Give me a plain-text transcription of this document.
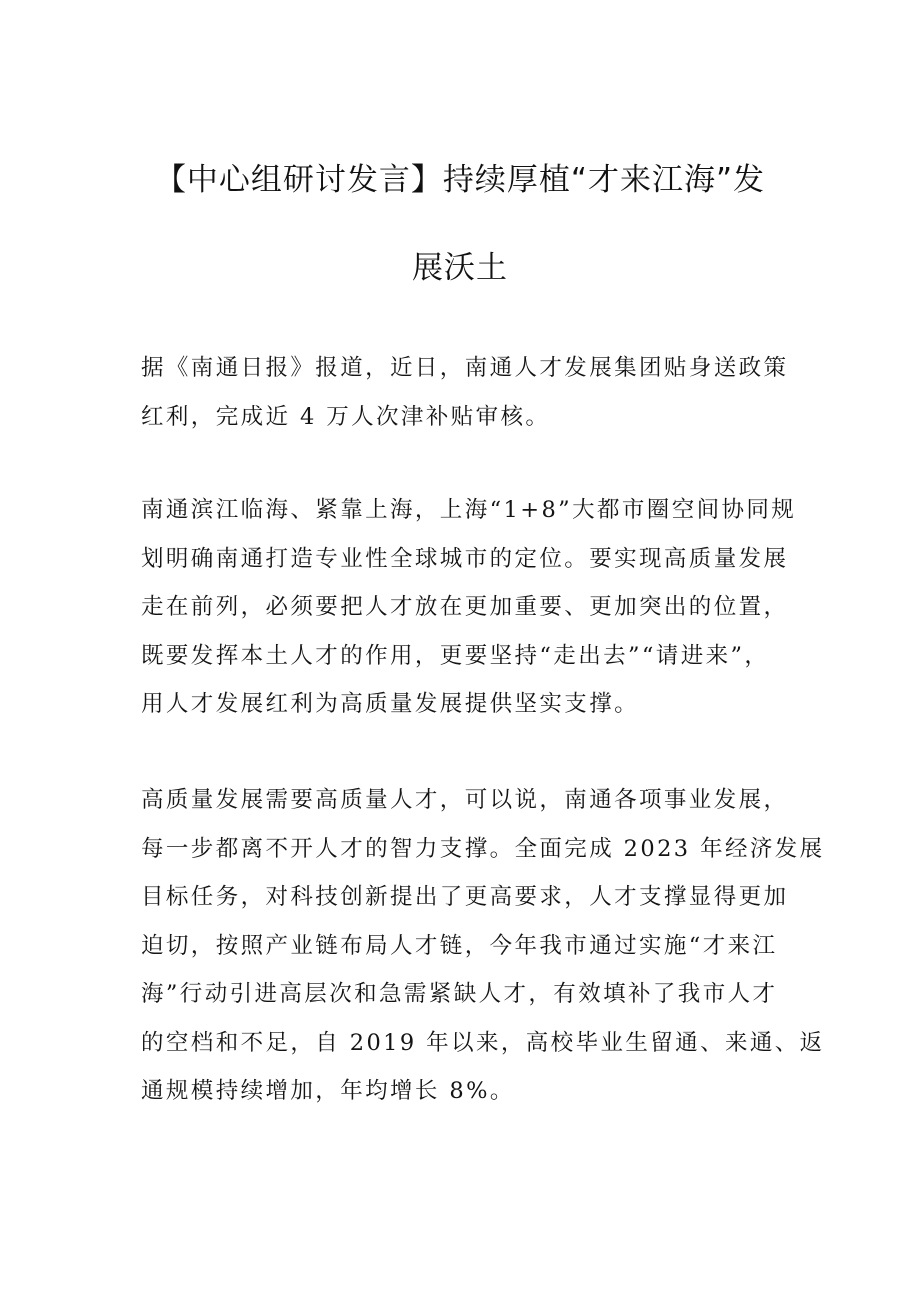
【中心组研讨发言】持续厚植“才来江海”发
展沃土
据《南通日报》报道，近日，南通人才发展集团贴身送政策
红利，完成近 4 万人次津补贴审核。
南通滨江临海、紧靠上海，上海“1+8”大都市圈空间协同规
划明确南通打造专业性全球城市的定位。要实现高质量发展
走在前列，必须要把人才放在更加重要、更加突出的位置，
既要发挥本土人才的作用，更要坚持“走出去”“请进来”，
用人才发展红利为高质量发展提供坚实支撑。
高质量发展需要高质量人才，可以说，南通各项事业发展，
每一步都离不开人才的智力支撑。全面完成 2023 年经济发展
目标任务，对科技创新提出了更高要求，人才支撑显得更加
迫切，按照产业链布局人才链，今年我市通过实施“才来江
海”行动引进高层次和急需紧缺人才，有效填补了我市人才
的空档和不足，自 2019 年以来，高校毕业生留通、来通、返
通规模持续增加，年均增长 8%。
